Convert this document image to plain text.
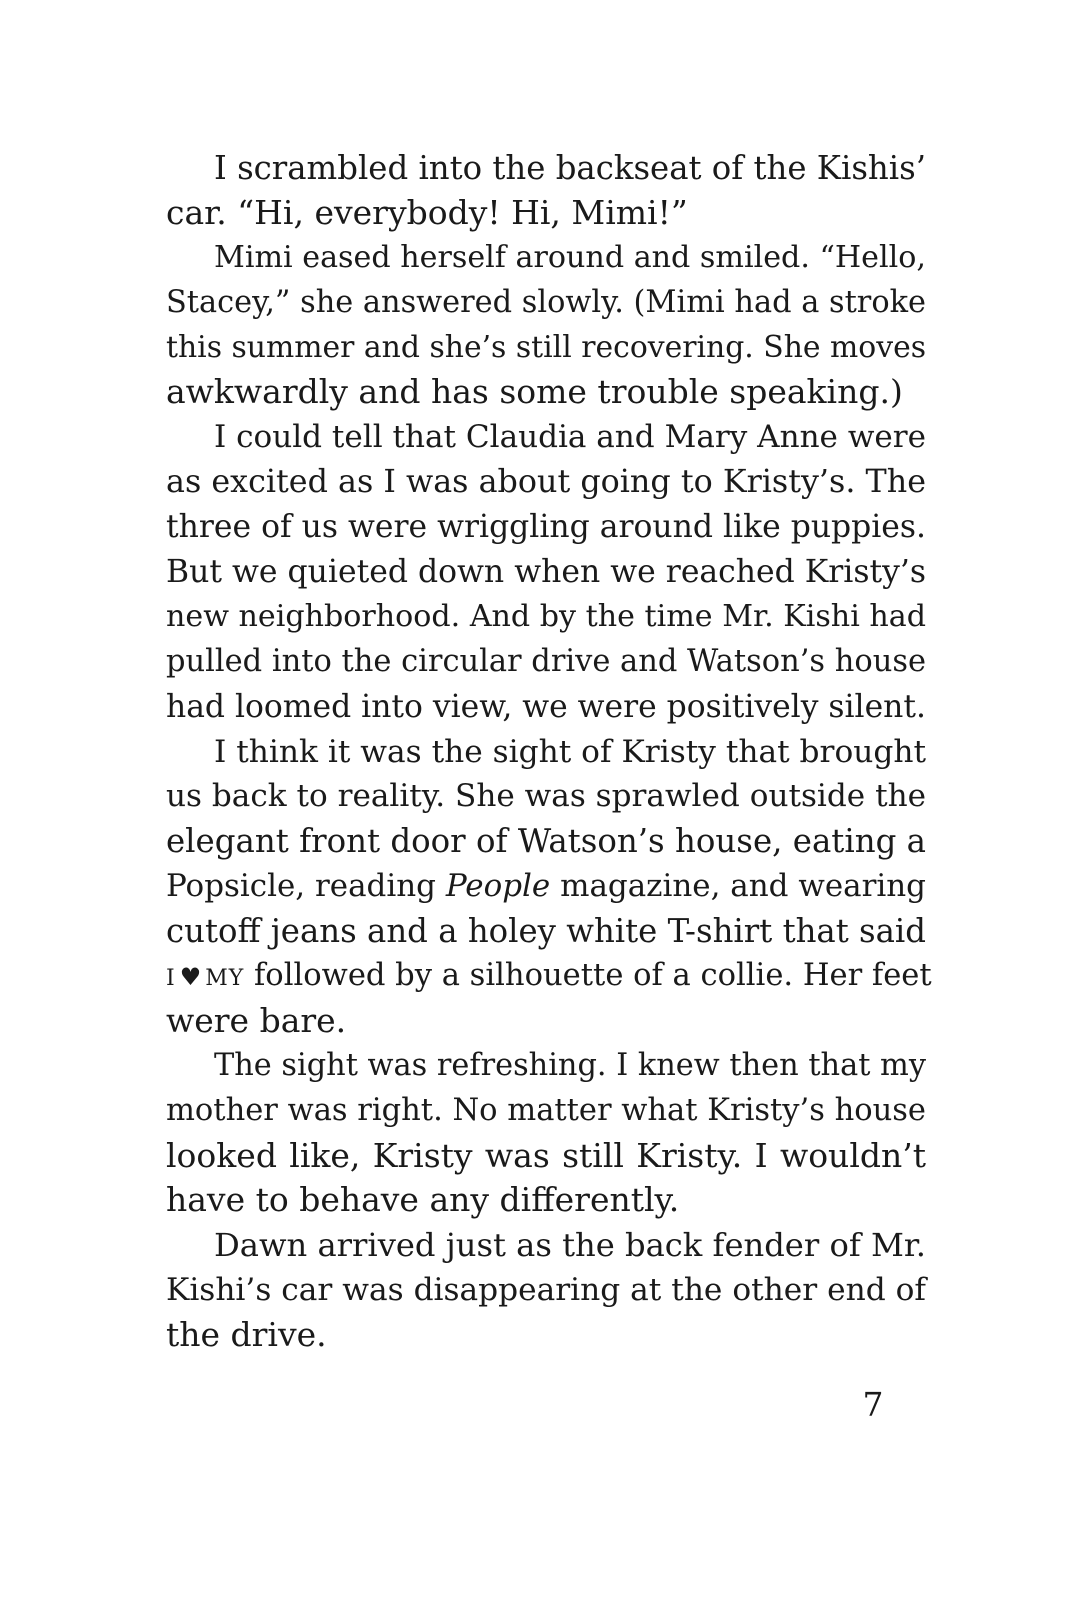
I scrambled into the backseat of the Kishis’
car. “Hi, everybody! Hi, Mimi!”
Mimi eased herself around and smiled. “Hello,
Stacey,” she answered slowly. (Mimi had a stroke
this summer and she’s still recovering. She moves
awkwardly and has some trouble speaking.)
I could tell that Claudia and Mary Anne were
as excited as I was about going to Kristy’s. The
three of us were wriggling around like puppies.
But we quieted down when we reached Kristy’s
new neighborhood. And by the time Mr. Kishi had
pulled into the circular drive and Watson’s house
had loomed into view, we were positively silent.
I think it was the sight of Kristy that brought
us back to reality. She was sprawled outside the
elegant front door of Watson’s house, eating a
Popsicle, reading People magazine, and wearing
cutoff jeans and a holey white T-shirt that said
I ♥ MY followed by a silhouette of a collie. Her feet
were bare.
The sight was refreshing. I knew then that my
mother was right. No matter what Kristy’s house
looked like, Kristy was still Kristy. I wouldn’t
have to behave any differently.
Dawn arrived just as the back fender of Mr.
Kishi’s car was disappearing at the other end of
the drive.
7
